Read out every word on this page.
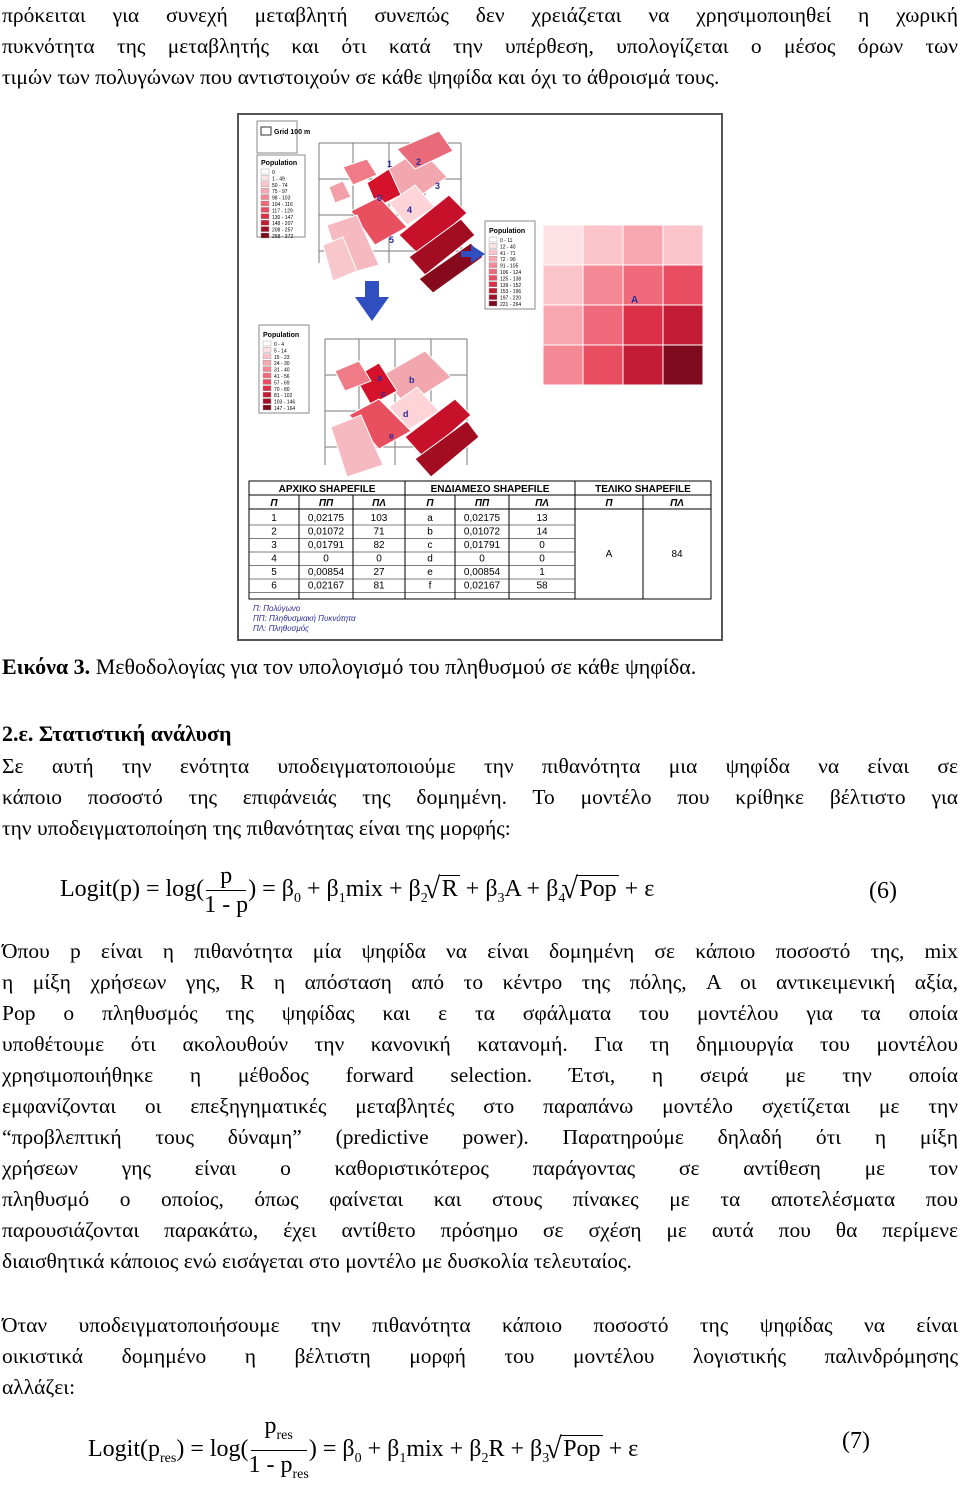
πρόκειται για συνεχή μεταβλητή συνεπώς δεν χρειάζεται να χρησιμοποιηθεί η χωρική
πυκνότητα της μεταβλητής και ότι κατά την υπέρθεση, υπολογίζεται ο μέσος όρων των
τιμών των πολυγώνων που αντιστοιχούν σε κάθε ψηφίδα και όχι το άθροισμά τους.
Grid 100 m
Population
0
1 - 49
50 - 74
75 - 97
98 - 103
104 - 116
117 - 129
130 - 147
148 - 207
208 - 257
258 - 372
1	2
3
6
4
5
Population
0 - 11
12 - 40
41 - 71
72 - 90
91 - 105
106 - 124
125 - 138
139 - 152
153 - 196
197 - 220
221 - 264	A
Population
0 - 4
5 - 14
15 - 23
24 - 30
31 - 40
41 - 56
57 - 69
70 - 80
81 - 102
103 - 146
147 - 164
a	b
c
d
e
ΑΡΧΙΚΟ SHAPEFILE	ΕΝΔΙΑΜΕΣΟ SHAPEFILE	ΤΕΛΙΚΟ SHAPEFILE
Π	ΠΠ	ΠΛ	Π	ΠΠ	ΠΛ	Π	ΠΛ
1	0,02175	103	a	0,02175	13
2	0,01072	71	b	0,01072	14
3	0,01791	82	c	0,01791	0
4	0	0	d	0	0
5	0,00854	27	e	0,00854	1
6	0,02167	81	f	0,02167	58
A	84
Π: Πολύγωνο
ΠΠ: Πληθυσμιακή Πυκνότητα
ΠΛ: Πληθυσμός
Εικόνα 3. Μεθοδολογίας για τον υπολογισμό του πληθυσμού σε κάθε ψηφίδα.
2.ε. Στατιστική ανάλυση
Σε αυτή την ενότητα υποδειγματοποιούμε την πιθανότητα μια ψηφίδα να είναι σε
κάποιο ποσοστό της επιφάνειάς της δομημένη. Το μοντέλο που κρίθηκε βέλτιστο για
την υποδειγματοποίηση της πιθανότητας είναι της μορφής:
Logit(p) = $\log( \frac{p}{1 - p}$ ) = $\beta_0 + \beta_1mix + \beta_2√$ $R + \beta_3A + \beta_4√$ Pop + ε	(6)
Όπου p είναι η πιθανότητα μία ψηφίδα να είναι δομημένη σε κάποιο ποσοστό της, mix
η μίξη χρήσεων γης, R η απόσταση από το κέντρο της πόλης, A οι αντικειμενική αξία,
Pop ο πληθυσμός της ψηφίδας και ε τα σφάλματα του μοντέλου για τα οποία
υποθέτουμε ότι ακολουθούν την κανονική κατανομή. Για τη δημιουργία του μοντέλου
χρησιμοποιήθηκε η μέθοδος forward selection. Έτσι, η σειρά με την οποία
εμφανίζονται οι επεξηγηματικές μεταβλητές στο παραπάνω μοντέλο σχετίζεται με την
“προβλεπτική τους δύναμη” (predictive power). Παρατηρούμε δηλαδή ότι η μίξη
χρήσεων γης είναι ο καθοριστικότερος παράγοντας σε αντίθεση με τον
πληθυσμό ο οποίος, όπως φαίνεται και στους πίνακες με τα αποτελέσματα που
παρουσιάζονται παρακάτω, έχει αντίθετο πρόσημο σε σχέση με αυτά που θα περίμενε
διαισθητικά κάποιος ενώ εισάγεται στο μοντέλο με δυσκολία τελευταίος.
Όταν υποδειγματοποιήσουμε την πιθανότητα κάποιο ποσοστό της ψηφίδας να είναι
οικιστικά δομημένο η βέλτιστη μορφή του μοντέλου λογιστικής παλινδρόμησης
αλλάζει:
$Logit(p_{res}) = \log( \frac{p_{res}}{1 - p_{res}}$ ) = $\beta_0 + \beta_1mix + \beta_2R + \beta_3√$ Pop + ε	(7)
